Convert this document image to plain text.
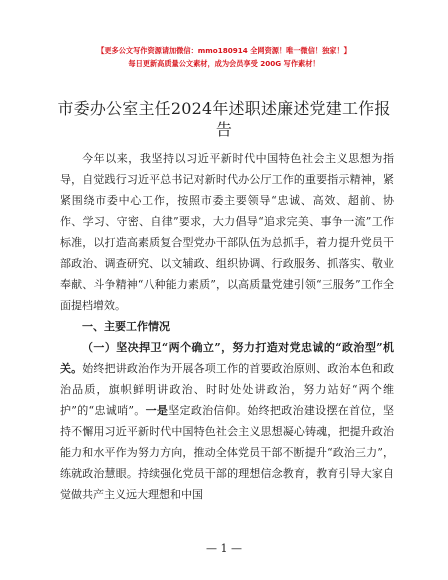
【更多公文写作资源请加微信：mmo180914 全网资源！唯一微信！独家！】
每日更新高质量公文素材，成为会员享受 200G 写作素材！
市委办公室主任2024年述职述廉述党建工作报告

今年以来，我坚持以习近平新时代中国特色社会主义思想为指导，自觉践行习近平总书记对新时代办公厅工作的重要指示精神，紧紧围绕市委中心工作，按照市委主要领导“忠诚、高效、超前、协作、学习、守密、自律”要求，大力倡导“追求完美、事争一流”工作标准，以打造高素质复合型党办干部队伍为总抓手，着力提升党员干部政治、调查研究、以文辅政、组织协调、行政服务、抓落实、敬业奉献、斗争精神“八种能力素质”，以高质量党建引领“三服务”工作全面提档增效。

一、主要工作情况

（一）坚决捍卫“两个确立”，努力打造对党忠诚的“政治型”机关。始终把讲政治作为开展各项工作的首要政治原则、政治本色和政治品质，旗帜鲜明讲政治、时时处处讲政治，努力站好“两个维护”的“忠诚哨”。一是坚定政治信仰。始终把政治建设摆在首位，坚持不懈用习近平新时代中国特色社会主义思想凝心铸魂，把提升政治能力和水平作为努力方向，推动全体党员干部不断提升“政治三力”，练就政治慧眼。持续强化党员干部的理想信念教育，教育引导大家自觉做共产主义远大理想和中国

— 1 —
